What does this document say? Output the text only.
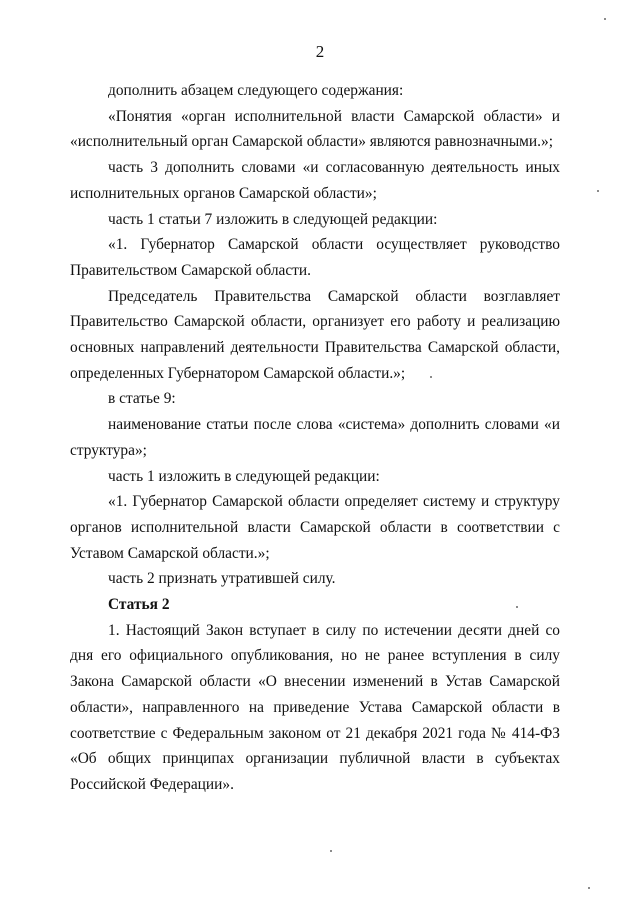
2

дополнить абзацем следующего содержания:

«Понятия «орган исполнительной власти Самарской области» и «исполнительный орган Самарской области» являются равнозначными.»;

часть 3 дополнить словами «и согласованную деятельность иных исполнительных органов Самарской области»;

часть 1 статьи 7 изложить в следующей редакции:

«1. Губернатор Самарской области осуществляет руководство Правительством Самарской области.

Председатель Правительства Самарской области возглавляет Правительство Самарской области, организует его работу и реализацию основных направлений деятельности Правительства Самарской области, определенных Губернатором Самарской области.»;

в статье 9:

наименование статьи после слова «система» дополнить словами «и структура»;

часть 1 изложить в следующей редакции:

«1. Губернатор Самарской области определяет систему и структуру органов исполнительной власти Самарской области в соответствии с Уставом Самарской области.»;

часть 2 признать утратившей силу.

Статья 2

1. Настоящий Закон вступает в силу по истечении десяти дней со дня его официального опубликования, но не ранее вступления в силу Закона Самарской области «О внесении изменений в Устав Самарской области», направленного на приведение Устава Самарской области в соответствие с Федеральным законом от 21 декабря 2021 года № 414-ФЗ «Об общих принципах организации публичной власти в субъектах Российской Федерации».
